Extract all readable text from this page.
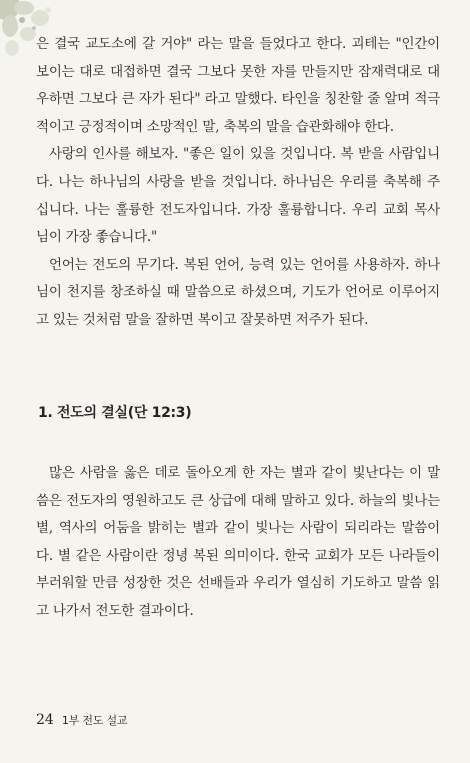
은 결국 교도소에 갈 거야" 라는 말을 들었다고 한다. 괴테는 "인간이 보이는 대로 대접하면 결국 그보다 못한 자를 만들지만 잠재력대로 대우하면 그보다 큰 자가 된다" 라고 말했다. 타인을 칭찬할 줄 알며 적극적이고 긍정적이며 소망적인 말, 축복의 말을 습관화해야 한다.

사랑의 인사를 해보자. "좋은 일이 있을 것입니다. 복 받을 사람입니다. 나는 하나님의 사랑을 받을 것입니다. 하나님은 우리를 축복해 주십니다. 나는 훌륭한 전도자입니다. 가장 훌륭합니다. 우리 교회 목사님이 가장 좋습니다."

언어는 전도의 무기다. 복된 언어, 능력 있는 언어를 사용하자. 하나님이 천지를 창조하실 때 말씀으로 하셨으며, 기도가 언어로 이루어지고 있는 것처럼 말을 잘하면 복이고 잘못하면 저주가 된다.

1. 전도의 결실(단 12:3)

많은 사람을 옳은 데로 돌아오게 한 자는 별과 같이 빛난다는 이 말씀은 전도자의 영원하고도 큰 상급에 대해 말하고 있다. 하늘의 빛나는 별, 역사의 어둠을 밝히는 별과 같이 빛나는 사람이 되리라는 말씀이다. 별 같은 사람이란 정녕 복된 의미이다. 한국 교회가 모든 나라들이 부러워할 만큼 성장한 것은 선배들과 우리가 열심히 기도하고 말씀 읽고 나가서 전도한 결과이다.

24 1부 전도 설교
